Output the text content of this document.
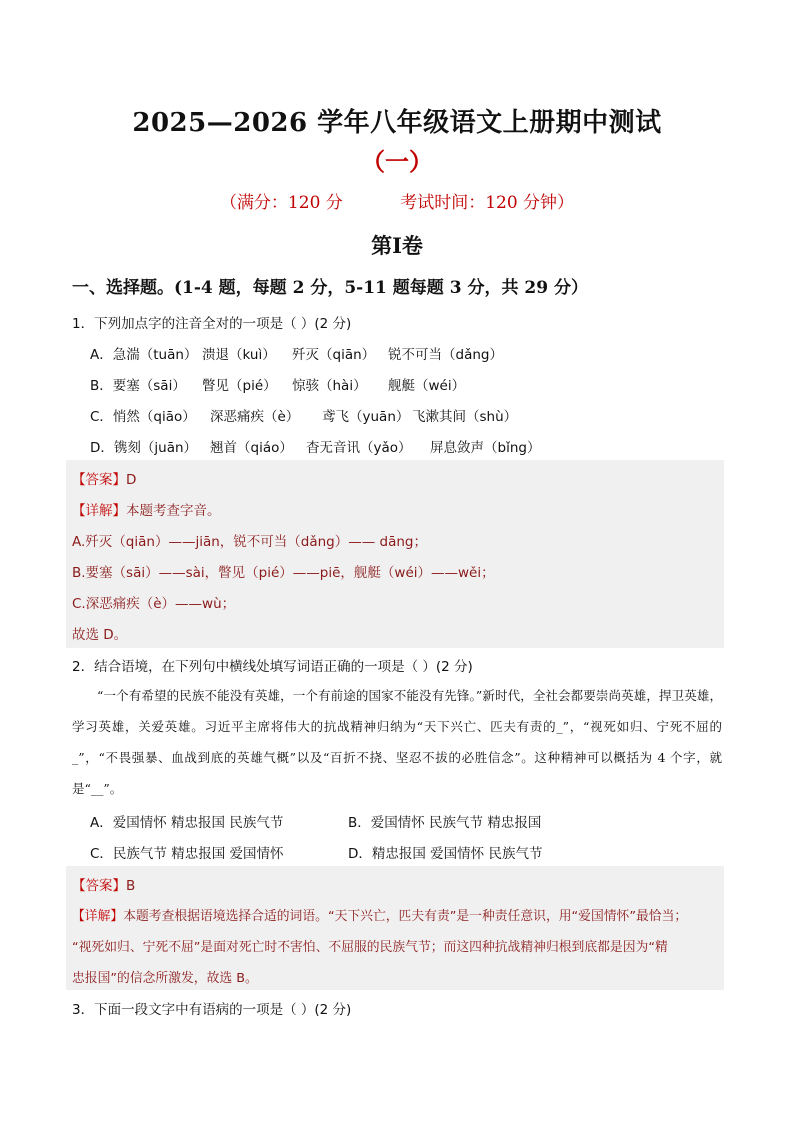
2025—2026 学年八年级语文上册期中测试
（一）
（满分：120 分	考试时间：120 分钟）
第Ⅰ卷
一、选择题。(1-4 题，每题 2 分，5-11 题每题 3 分，共 29 分）
1．下列加点字的注音全对的一项是（ ）(2 分)
A．急湍（tuān） 溃退（kuì） 歼灭（qiān） 锐不可当（dǎng）
B．要塞（sāi） 瞥见（pié） 惊骇（hài） 舰艇（wéi）
C．悄然（qiāo） 深恶痛疾（è） 鸢飞（yuān） 飞漱其间（shù）
D．镌刻（juān） 翘首（qiáo） 杳无音讯（yǎo） 屏息敛声（bǐng）
【答案】D
【详解】本题考查字音。
A.歼灭（qiān）——jiān，锐不可当（dǎng）—— dāng；
B.要塞（sāi）——sài，瞥见（pié）——piē，舰艇（wéi）——wěi；
C.深恶痛疾（è）——wù；
故选 D。
2．结合语境，在下列句中横线处填写词语正确的一项是（ ）(2 分)
“一个有希望的民族不能没有英雄，一个有前途的国家不能没有先锋。”新时代，全社会都要崇尚英雄，捍卫英雄，学习英雄，关爱英雄。习近平主席将伟大的抗战精神归纳为“天下兴亡、匹夫有责的_”，“视死如归、宁死不屈的_”，“不畏强暴、血战到底的英雄气概”以及“百折不挠、坚忍不拔的必胜信念”。这种精神可以概括为 4 个字，就是“__”。
A．爱国情怀 精忠报国 民族气节	B．爱国情怀 民族气节 精忠报国
C．民族气节 精忠报国 爱国情怀	D．精忠报国 爱国情怀 民族气节
【答案】B
【详解】本题考查根据语境选择合适的词语。“天下兴亡，匹夫有责”是一种责任意识，用“爱国情怀”最恰当；
“视死如归、宁死不屈”是面对死亡时不害怕、不屈服的民族气节；而这四种抗战精神归根到底都是因为“精
忠报国”的信念所激发，故选 B。
3．下面一段文字中有语病的一项是（ ）(2 分)
